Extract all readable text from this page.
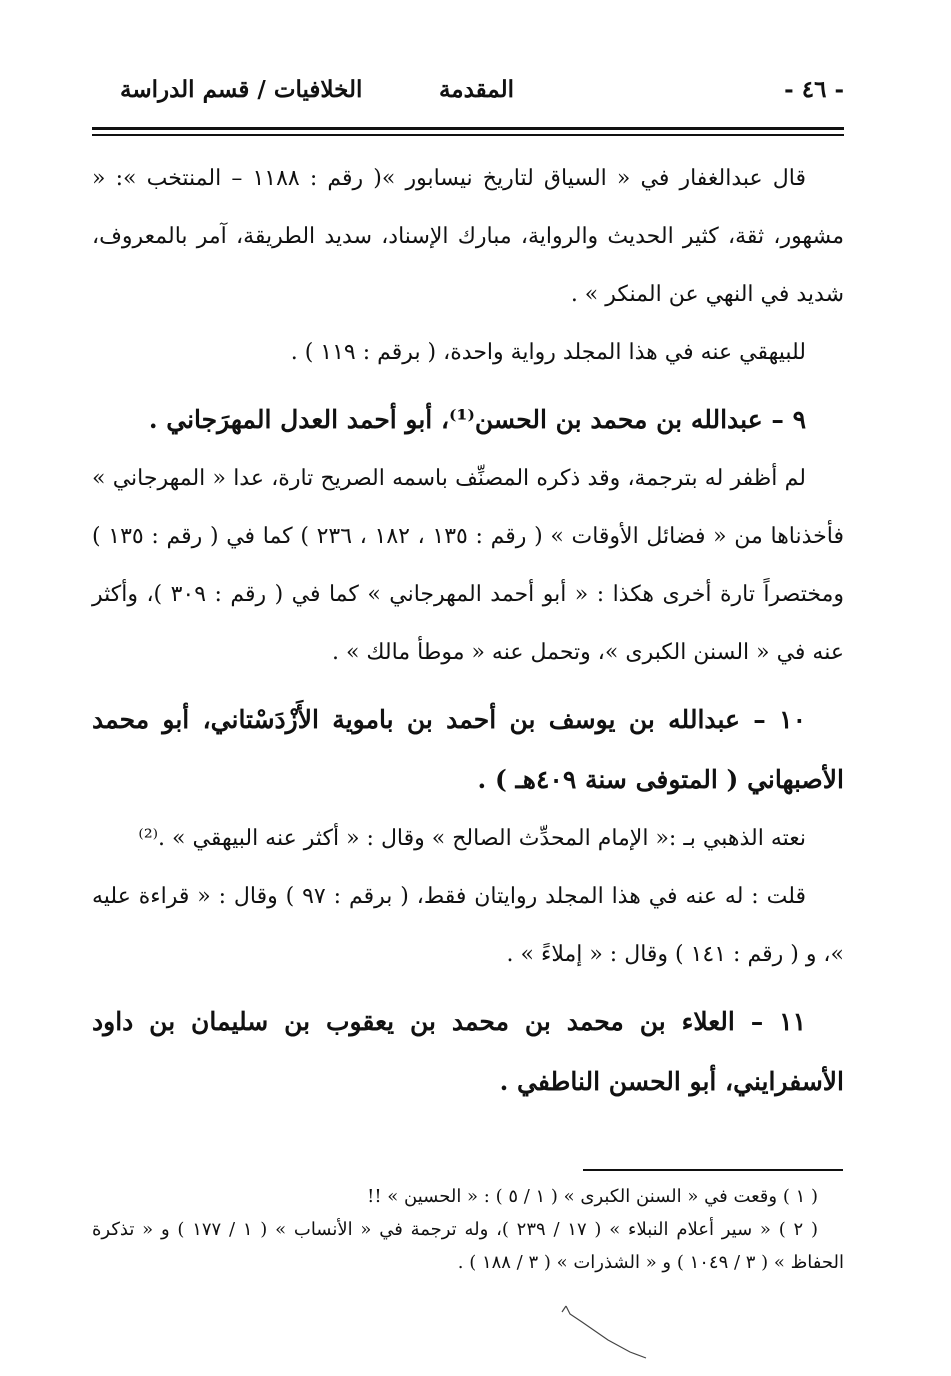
- ٤٦ -
المقدمة
الخلافيات / قسم الدراسة

قال عبدالغفار في « السياق لتاريخ نيسابور »( رقم : ١١٨٨ – المنتخب »: « مشهور، ثقة، كثير الحديث والرواية، مبارك الإسناد، سديد الطريقة، آمر بالمعروف، شديد في النهي عن المنكر » .

للبيهقي عنه في هذا المجلد رواية واحدة، ( برقم : ١١٩ ) .

٩ – عبدالله بن محمد بن الحسن⁽¹⁾، أبو أحمد العدل المهرَجاني .

لم أظفر له بترجمة، وقد ذكره المصنِّف باسمه الصريح تارة، عدا « المهرجاني » فأخذناها من « فضائل الأوقات » ( رقم : ١٣٥ ، ١٨٢ ، ٢٣٦ ) كما في ( رقم : ١٣٥ ) ومختصراً تارة أخرى هكذا : « أبو أحمد المهرجاني » كما في ( رقم : ٣٠٩ )، وأكثر عنه في « السنن الكبرى »، وتحمل عنه « موطأ مالك » .

١٠ – عبدالله بن يوسف بن أحمد بن باموية الأَزْدَسْتاني، أبو محمد الأصبهاني ( المتوفى سنة ٤٠٩هـ ) .

نعته الذهبي بـ :« الإمام المحدِّث الصالح » وقال : « أكثر عنه البيهقي » .⁽²⁾

قلت : له عنه في هذا المجلد روايتان فقط، ( برقم : ٩٧ ) وقال : « قراءة عليه »، و ( رقم : ١٤١ ) وقال : « إملاءً » .

١١ – العلاء بن محمد بن محمد بن يعقوب بن سليمان بن داود الأسفرايني، أبو الحسن الناطفي .

( ١ ) وقعت في « السنن الكبرى » ( ١ / ٥ ) : « الحسين » !!

( ٢ ) « سير أعلام النبلاء » ( ١٧ / ٢٣٩ )، وله ترجمة في « الأنساب » ( ١ / ١٧٧ ) و « تذكرة الحفاظ » ( ٣ / ١٠٤٩ ) و « الشذرات » ( ٣ / ١٨٨ ) .
